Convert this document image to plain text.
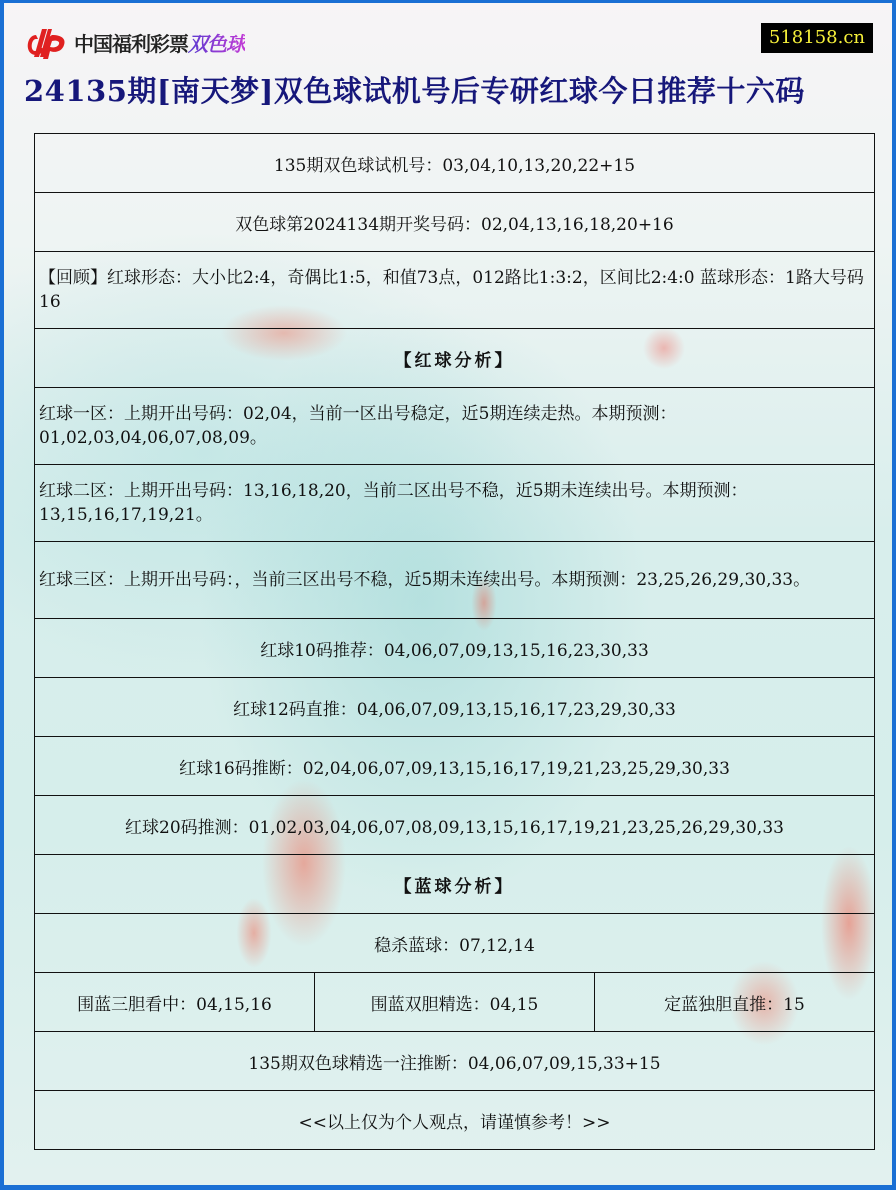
中国福利彩票双色球	518158.cn
24135期[南天梦]双色球试机号后专研红球今日推荐十六码
135期双色球试机号：03,04,10,13,20,22+15
双色球第2024134期开奖号码：02,04,13,16,18,20+16
【回顾】红球形态：大小比2:4，奇偶比1:5，和值73点，012路比1:3:2，区间比2:4:0 蓝球形态：1路大号码16
【红球分析】
红球一区：上期开出号码：02,04，当前一区出号稳定，近5期连续走热。本期预测：01,02,03,04,06,07,08,09。
红球二区：上期开出号码：13,16,18,20，当前二区出号不稳，近5期未连续出号。本期预测：13,15,16,17,19,21。
红球三区：上期开出号码：，当前三区出号不稳，近5期未连续出号。本期预测：23,25,26,29,30,33。
红球10码推荐：04,06,07,09,13,15,16,23,30,33
红球12码直推：04,06,07,09,13,15,16,17,23,29,30,33
红球16码推断：02,04,06,07,09,13,15,16,17,19,21,23,25,29,30,33
红球20码推测：01,02,03,04,06,07,08,09,13,15,16,17,19,21,23,25,26,29,30,33
【蓝球分析】
稳杀蓝球：07,12,14
围蓝三胆看中：04,15,16	围蓝双胆精选：04,15	定蓝独胆直推：15
135期双色球精选一注推断：04,06,07,09,15,33+15
<<以上仅为个人观点，请谨慎参考！>>
